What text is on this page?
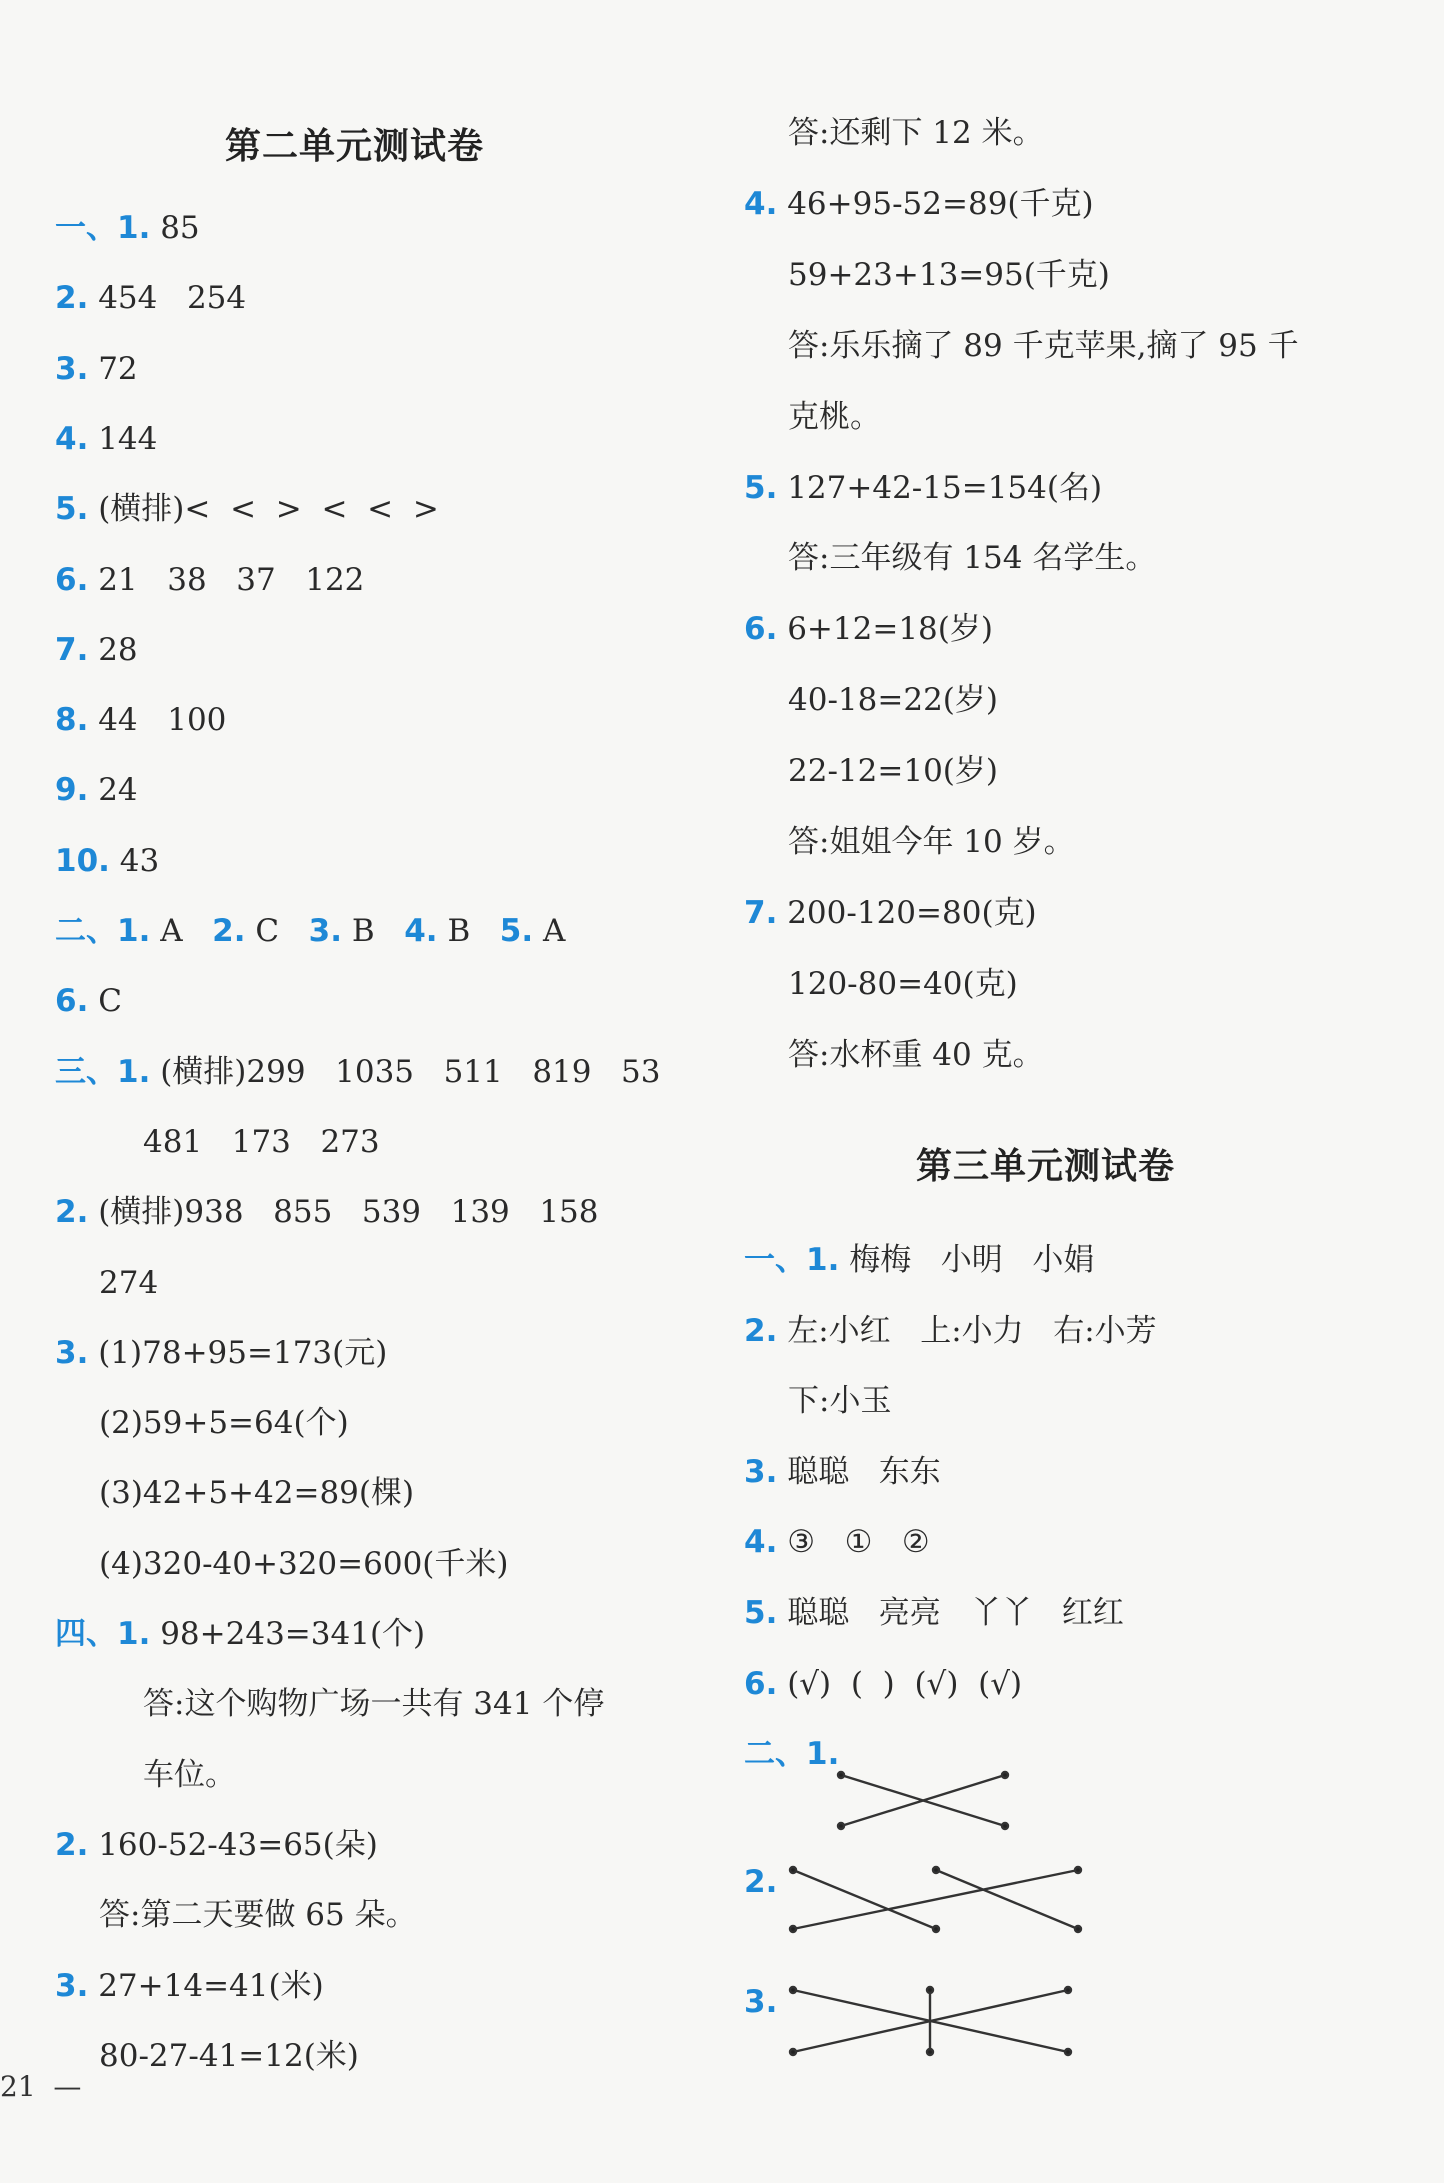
第二单元测试卷
一、1. 85
2. 454   254
3. 72
4. 144
5. (横排)<  <  >  <  <  >
6. 21   38   37   122
7. 28
8. 44   100
9. 24
10. 43
二、1. A 2. C 3. B 4. B 5. A
6. C
三、1. (横排)299   1035   511   819   53
481   173   273
2. (横排)938   855   539   139   158
274
3. (1)78+95=173(元)
(2)59+5=64(个)
(3)42+5+42=89(棵)
(4)320-40+320=600(千米)
四、1. 98+243=341(个)
答:这个购物广场一共有 341 个停
车位。
2. 160-52-43=65(朵)
答:第二天要做 65 朵。
3. 27+14=41(米)
80-27-41=12(米)
答:还剩下 12 米。
4. 46+95-52=89(千克)
59+23+13=95(千克)
答:乐乐摘了 89 千克苹果,摘了 95 千
克桃。
5. 127+42-15=154(名)
答:三年级有 154 名学生。
6. 6+12=18(岁)
40-18=22(岁)
22-12=10(岁)
答:姐姐今年 10 岁。
7. 200-120=80(克)
120-80=40(克)
答:水杯重 40 克。
第三单元测试卷
一、1. 梅梅   小明   小娟
2. 左:小红   上:小力   右:小芳
下:小玉
3. 聪聪   东东
4. ③   ①   ②
5. 聪聪   亮亮   丫丫   红红
6. (√)  (  )  (√)  (√)
二、1.
2.
3.
21  —
